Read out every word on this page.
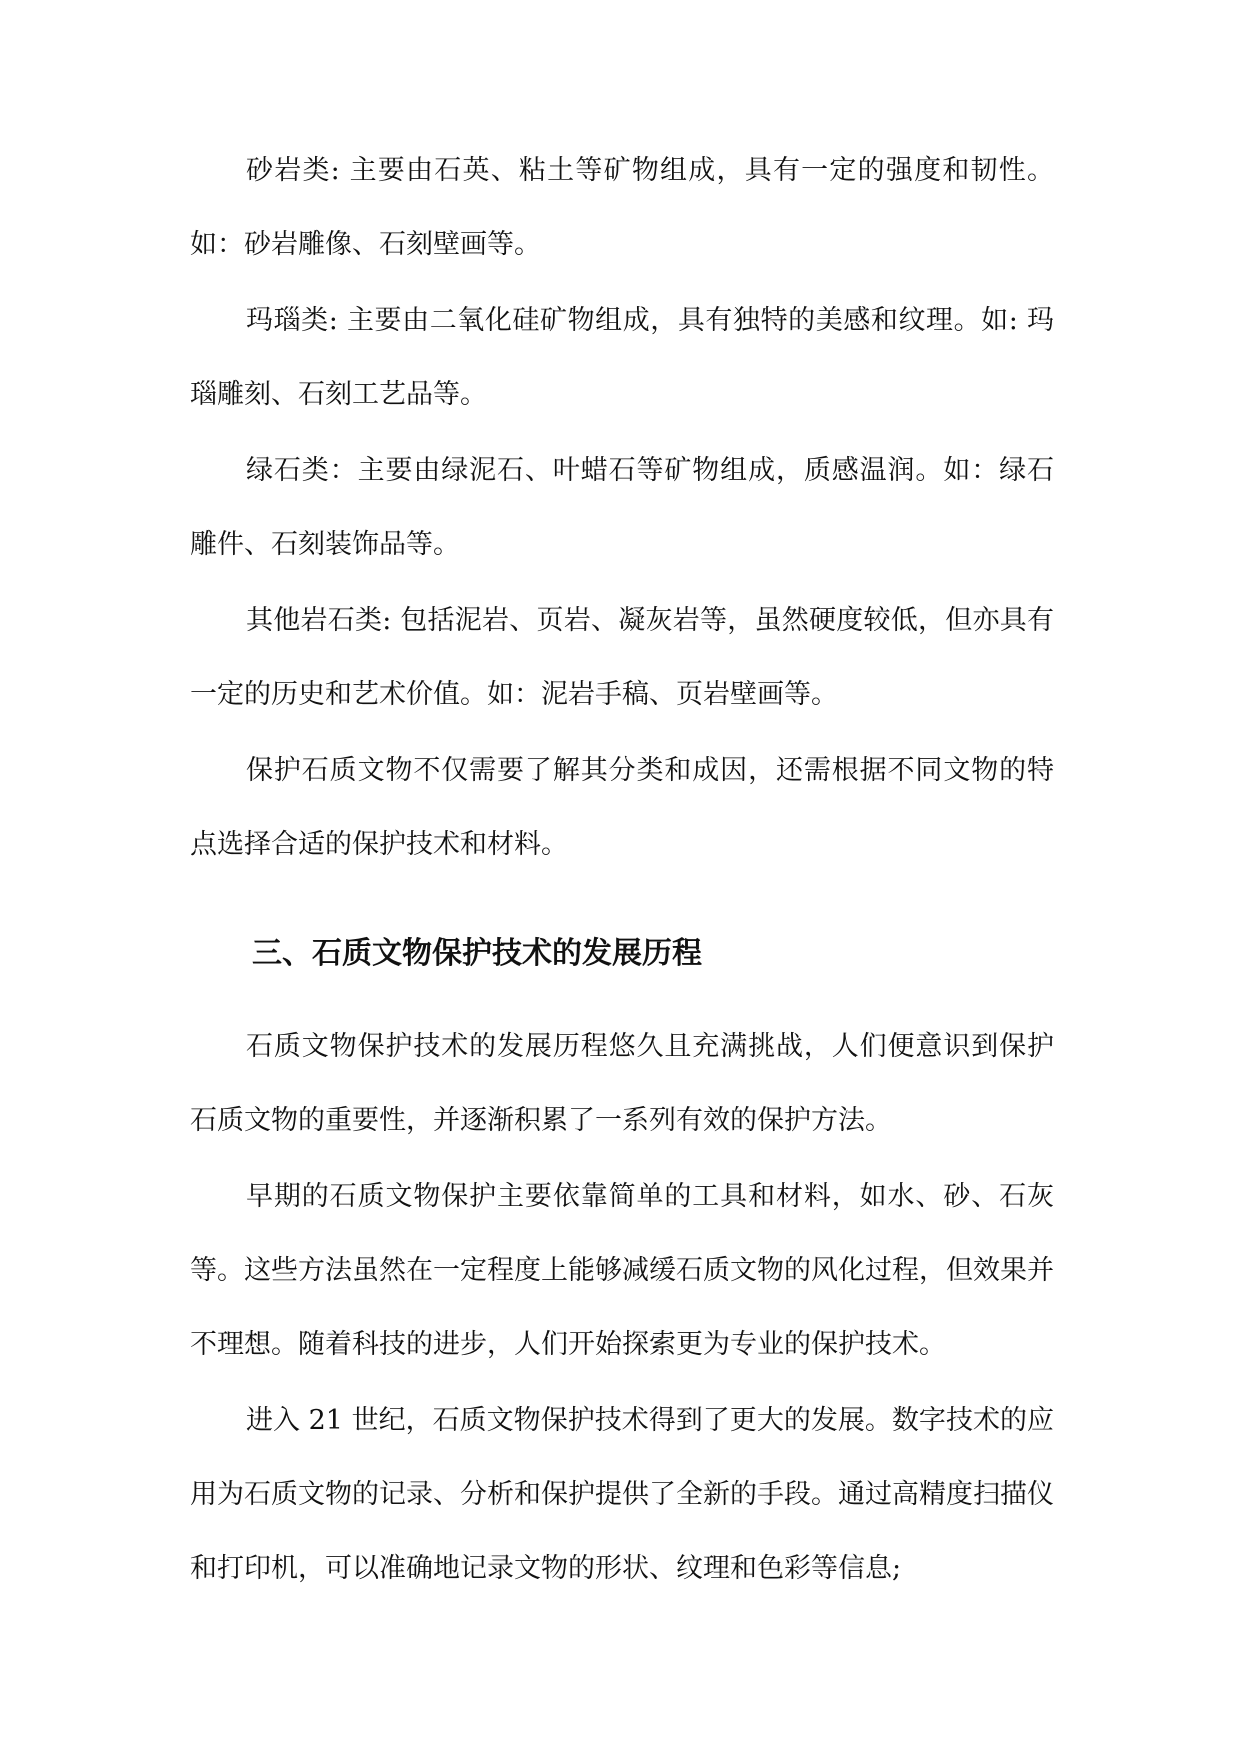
砂岩类: 主要由石英、粘土等矿物组成，具有一定的强度和韧性。如：砂岩雕像、石刻壁画等。

玛瑙类: 主要由二氧化硅矿物组成，具有独特的美感和纹理。如: 玛瑙雕刻、石刻工艺品等。

绿石类：主要由绿泥石、叶蜡石等矿物组成，质感温润。如：绿石雕件、石刻装饰品等。

其他岩石类: 包括泥岩、页岩、凝灰岩等，虽然硬度较低，但亦具有一定的历史和艺术价值。如：泥岩手稿、页岩壁画等。

保护石质文物不仅需要了解其分类和成因，还需根据不同文物的特点选择合适的保护技术和材料。

三、石质文物保护技术的发展历程

石质文物保护技术的发展历程悠久且充满挑战，人们便意识到保护石质文物的重要性，并逐渐积累了一系列有效的保护方法。

早期的石质文物保护主要依靠简单的工具和材料，如水、砂、石灰等。这些方法虽然在一定程度上能够减缓石质文物的风化过程，但效果并不理想。随着科技的进步，人们开始探索更为专业的保护技术。

进入 21 世纪，石质文物保护技术得到了更大的发展。数字技术的应用为石质文物的记录、分析和保护提供了全新的手段。通过高精度扫描仪和打印机，可以准确地记录文物的形状、纹理和色彩等信息;
